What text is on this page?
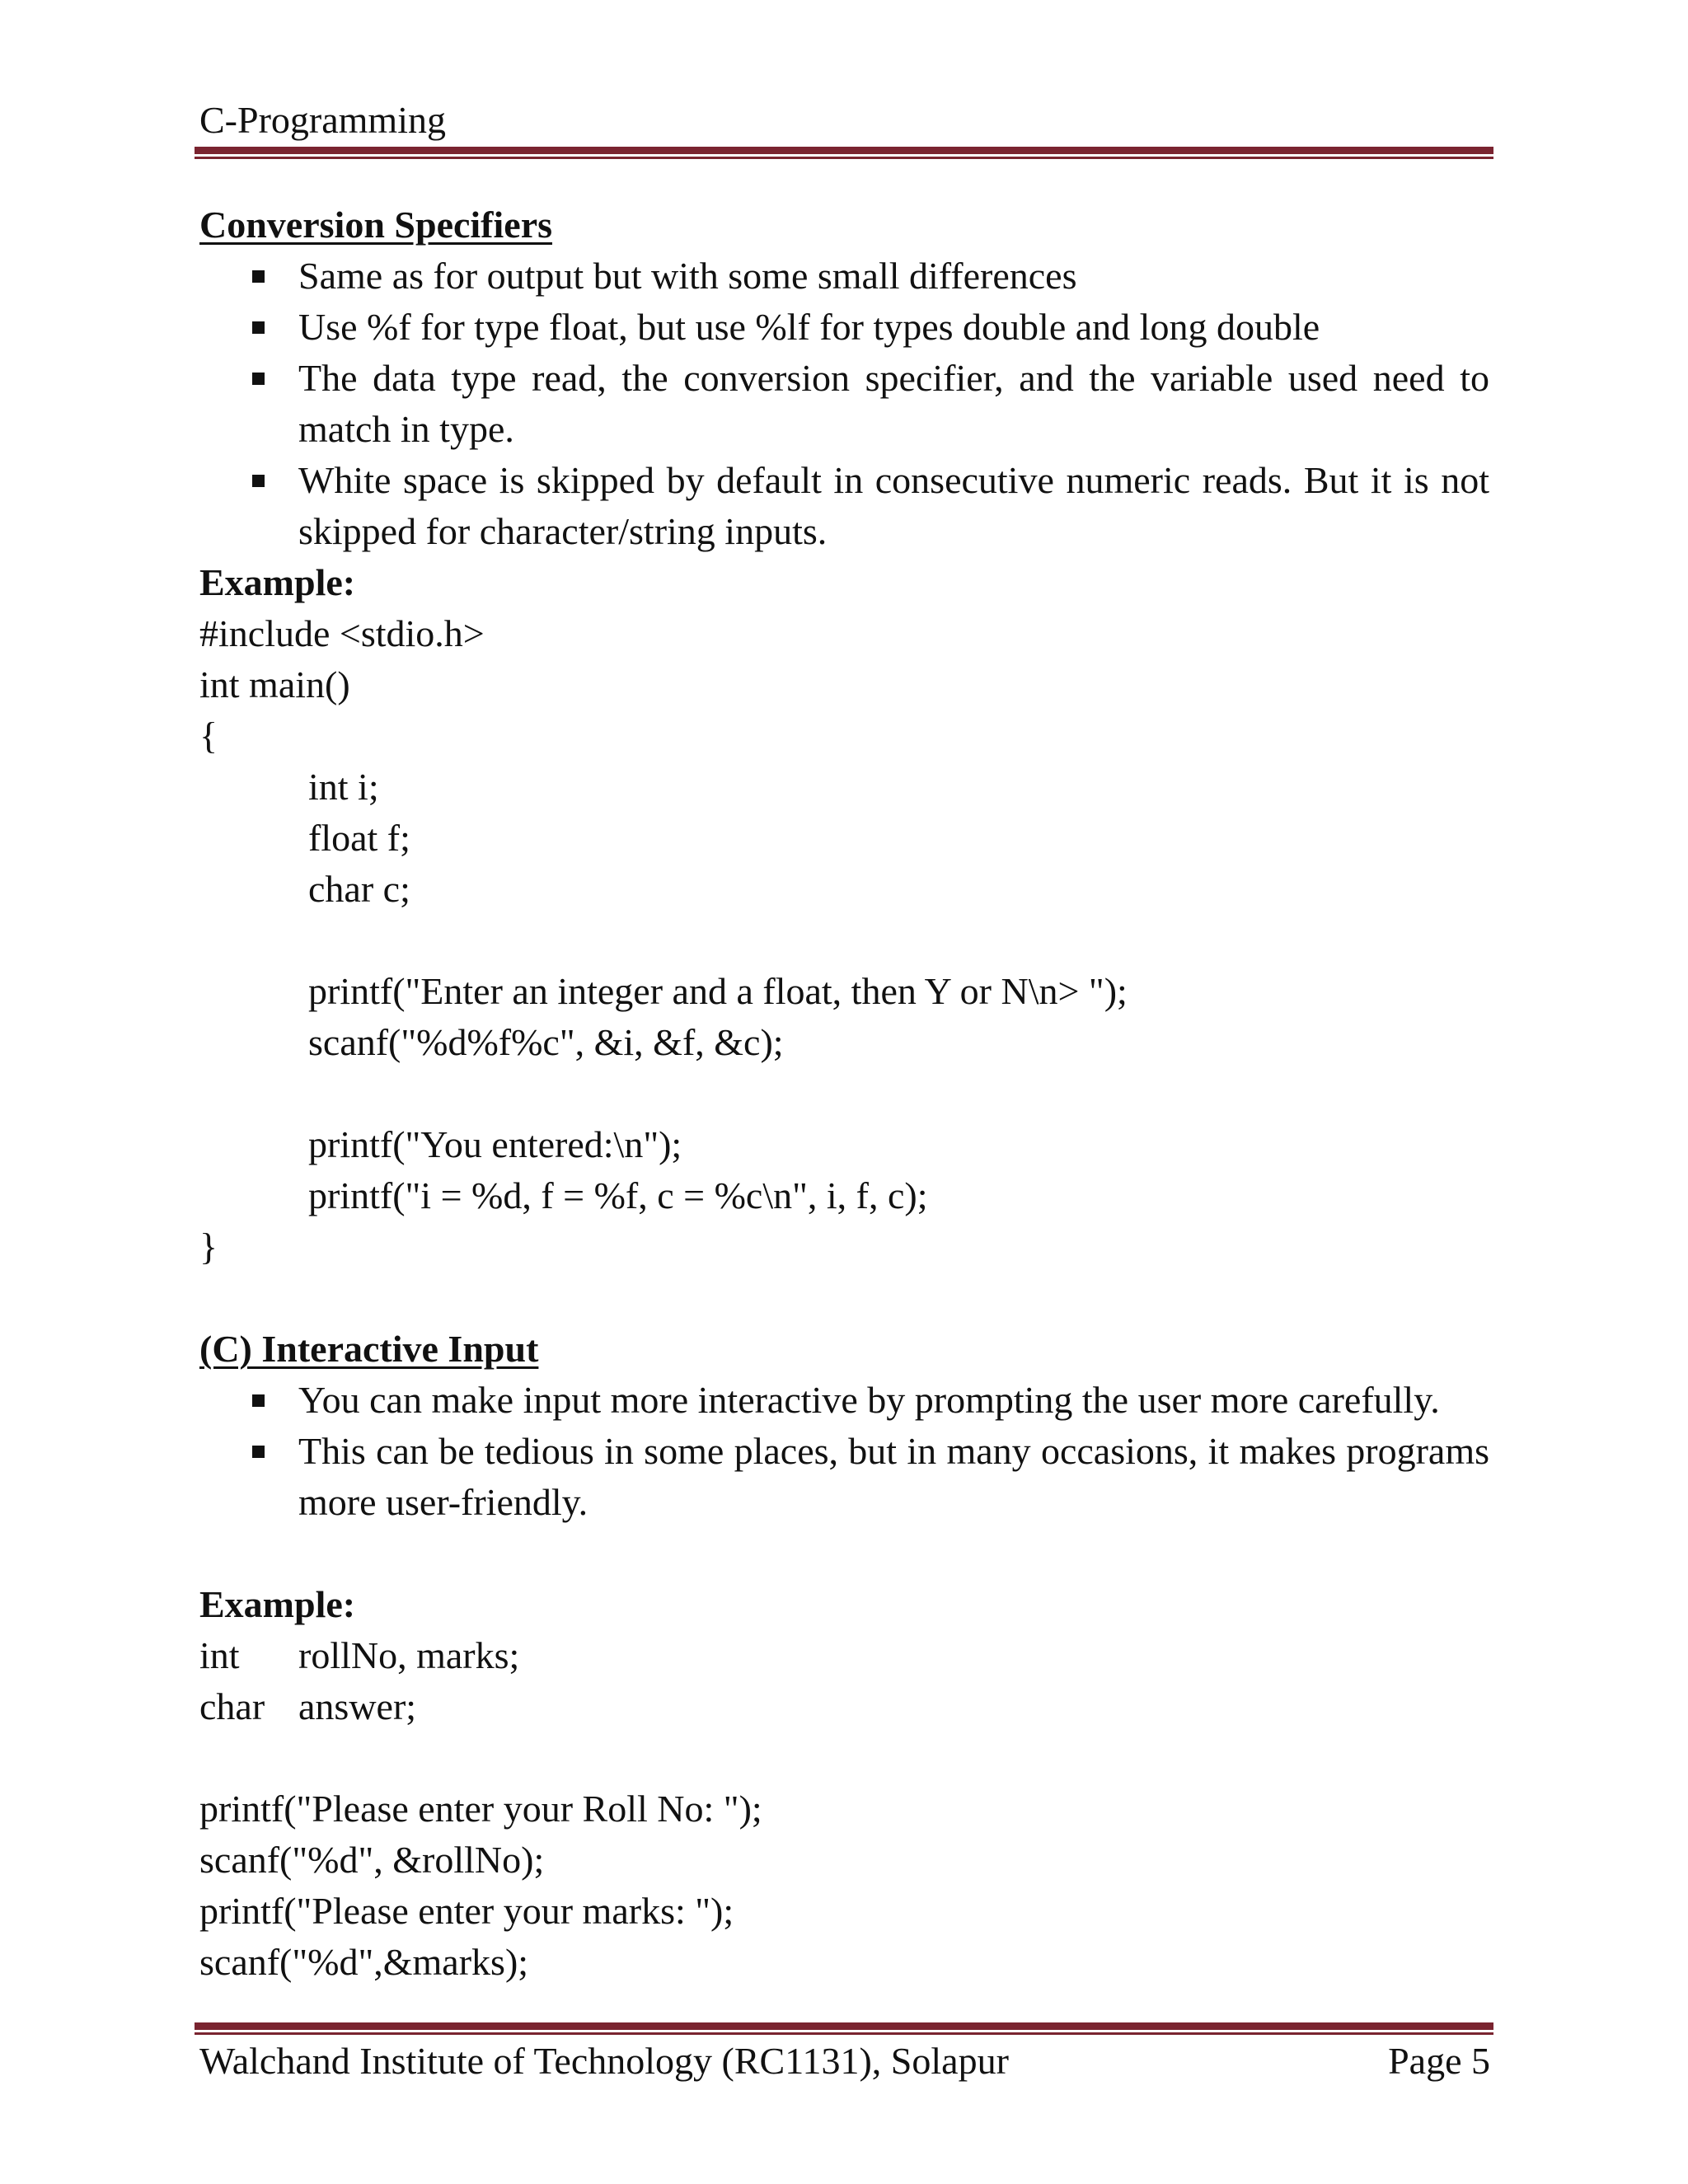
C-Programming
Conversion Specifiers
Same as for output but with some small differences
Use %f for type float, but use %lf for types double and long double
The data type read, the conversion specifier, and the variable used need to match in type.
White space is skipped by default in consecutive numeric reads. But it is not skipped for character/string inputs.
Example:
#include <stdio.h>
int main()
{
int i;
float f;
char c;
printf("Enter an integer and a float, then Y or N\n> ");
scanf("%d%f%c", &i, &f, &c);
printf("You entered:\n");
printf("i = %d, f = %f, c = %c\n", i, f, c);
}
(C) Interactive Input
You can make input more interactive by prompting the user more carefully.
This can be tedious in some places, but in many occasions, it makes programs more user-friendly.
Example:
int rollNo, marks;
char answer;
printf("Please enter your Roll No: ");
scanf("%d", &rollNo);
printf("Please enter your marks: ");
scanf("%d",&marks);
Walchand Institute of Technology (RC1131), Solapur	Page 5
